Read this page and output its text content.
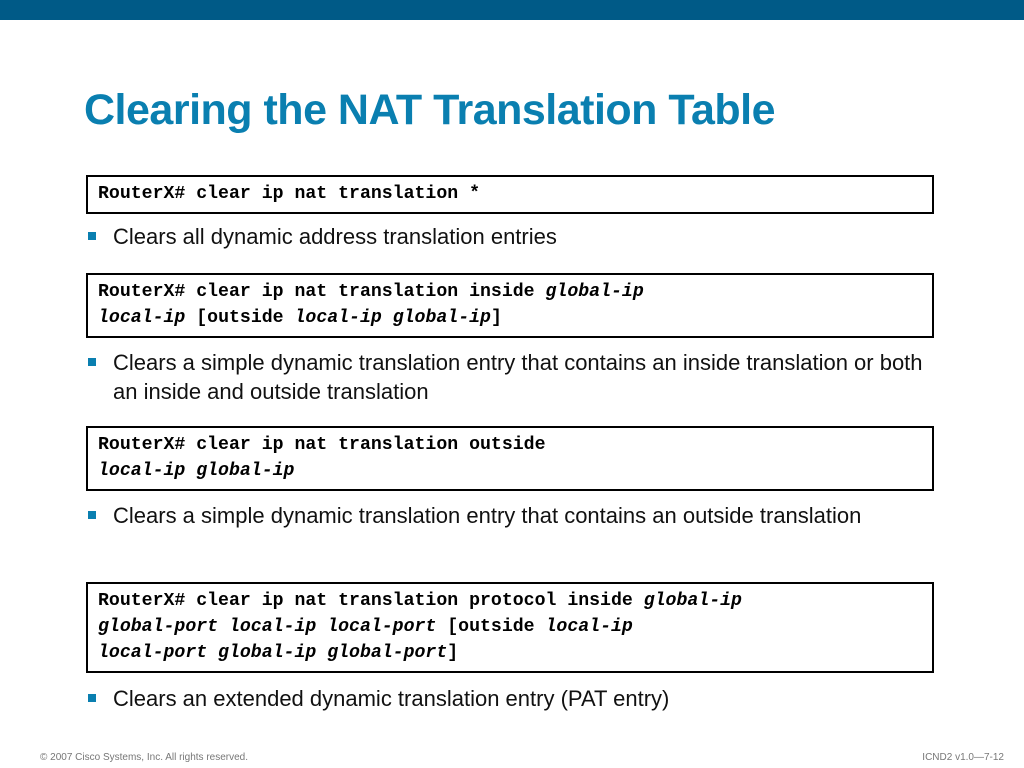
Clearing the NAT Translation Table
RouterX# clear ip nat translation *
Clears all dynamic address translation entries
RouterX# clear ip nat translation inside global-ip
local-ip [outside local-ip global-ip]
Clears a simple dynamic translation entry that contains an inside translation or both an inside and outside translation
RouterX# clear ip nat translation outside
local-ip global-ip
Clears a simple dynamic translation entry that contains an outside translation
RouterX# clear ip nat translation protocol inside global-ip
global-port local-ip local-port [outside local-ip
local-port global-ip global-port]
Clears an extended dynamic translation entry (PAT entry)
© 2007 Cisco Systems, Inc. All rights reserved.	ICND2 v1.0—7-12
